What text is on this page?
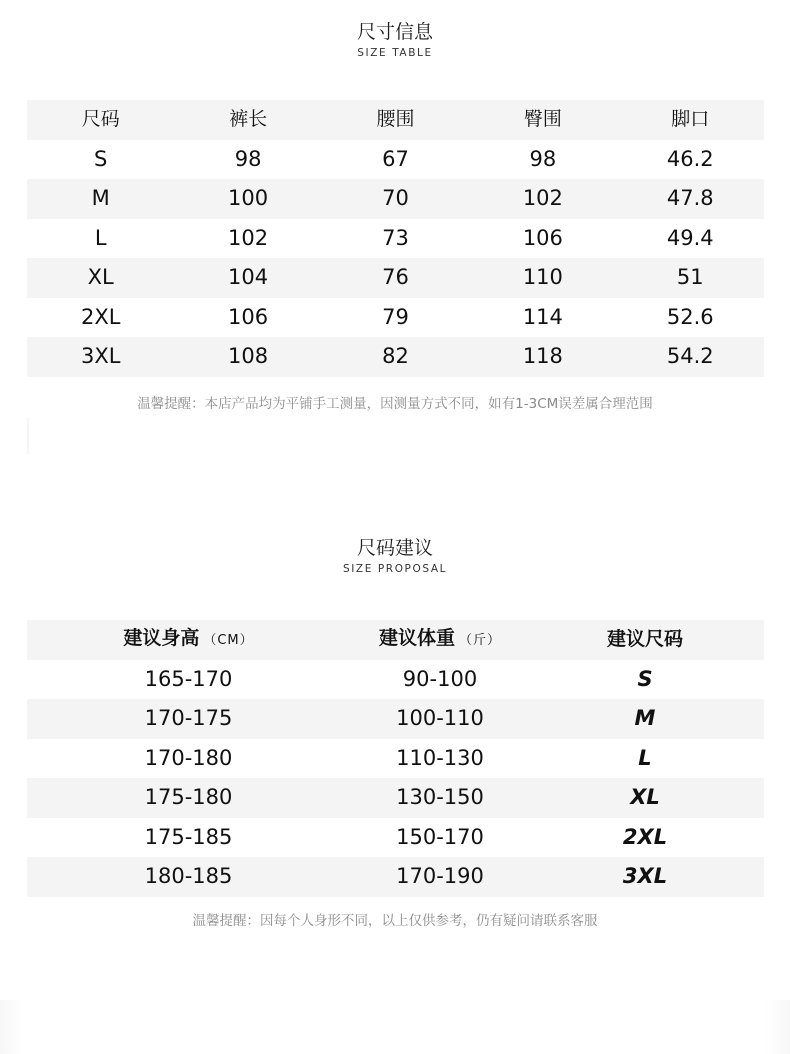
尺寸信息
SIZE TABLE
尺码	裤长	腰围	臀围	脚口
S	98	67	98	46.2
M	100	70	102	47.8
L	102	73	106	49.4
XL	104	76	110	51
2XL	106	79	114	52.6
3XL	108	82	118	54.2
温馨提醒：本店产品均为平铺手工测量，因测量方式不同，如有1-3CM误差属合理范围
尺码建议
SIZE PROPOSAL
建议身高 （CM）	建议体重 （斤）	建议尺码
165-170	90-100	S
170-175	100-110	M
170-180	110-130	L
175-180	130-150	XL
175-185	150-170	2XL
180-185	170-190	3XL
温馨提醒：因每个人身形不同，以上仅供参考，仍有疑问请联系客服
